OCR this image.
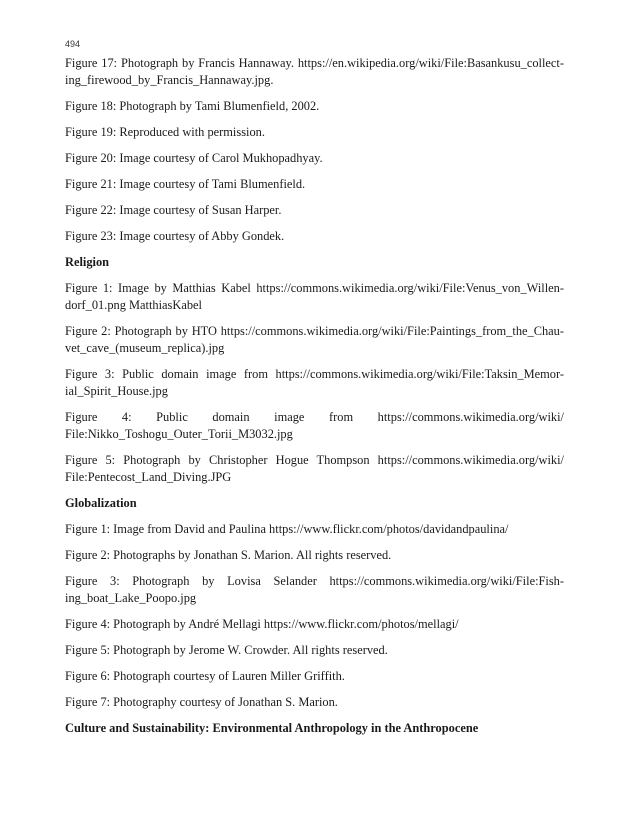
494
Figure 17: Photograph by Francis Hannaway. https://en.wikipedia.org/wiki/File:Basankusu_collect-
ing_firewood_by_Francis_Hannaway.jpg.
Figure 18: Photograph by Tami Blumenfield, 2002.
Figure 19: Reproduced with permission.
Figure 20: Image courtesy of Carol Mukhopadhyay.
Figure 21: Image courtesy of Tami Blumenfield.
Figure 22: Image courtesy of Susan Harper.
Figure 23: Image courtesy of Abby Gondek.
Religion
Figure 1: Image by Matthias Kabel https://commons.wikimedia.org/wiki/File:Venus_von_Willen-
dorf_01.png MatthiasKabel
Figure 2: Photograph by HTO https://commons.wikimedia.org/wiki/File:Paintings_from_the_Chau-
vet_cave_(museum_replica).jpg
Figure 3: Public domain image from https://commons.wikimedia.org/wiki/File:Taksin_Memor-
ial_Spirit_House.jpg
Figure 4: Public domain image from https://commons.wikimedia.org/wiki/
File:Nikko_Toshogu_Outer_Torii_M3032.jpg
Figure 5: Photograph by Christopher Hogue Thompson https://commons.wikimedia.org/wiki/
File:Pentecost_Land_Diving.JPG
Globalization
Figure 1: Image from David and Paulina https://www.flickr.com/photos/davidandpaulina/
Figure 2: Photographs by Jonathan S. Marion. All rights reserved.
Figure 3: Photograph by Lovisa Selander https://commons.wikimedia.org/wiki/File:Fish-
ing_boat_Lake_Poopo.jpg
Figure 4: Photograph by André Mellagi https://www.flickr.com/photos/mellagi/
Figure 5: Photograph by Jerome W. Crowder. All rights reserved.
Figure 6: Photograph courtesy of Lauren Miller Griffith.
Figure 7: Photography courtesy of Jonathan S. Marion.
Culture and Sustainability: Environmental Anthropology in the Anthropocene
